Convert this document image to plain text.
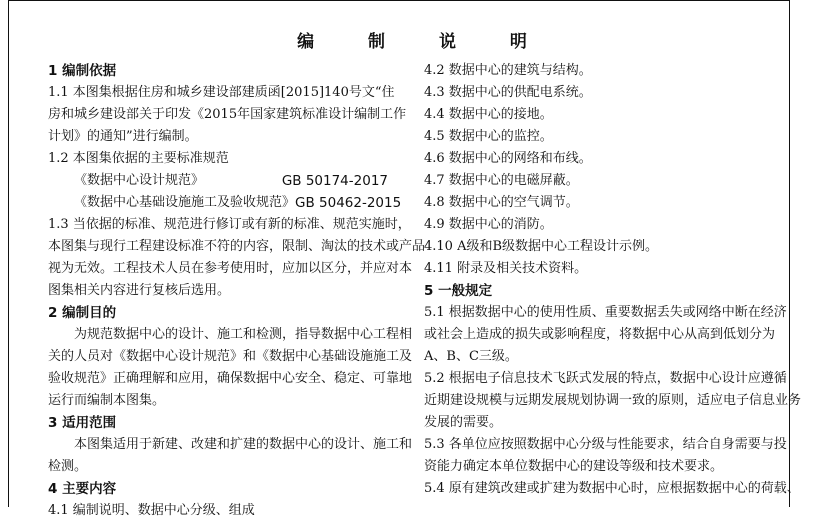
编 制 说 明
1 编制依据
1.1 本图集根据住房和城乡建设部建质函[2015]140号文“住
房和城乡建设部关于印发《2015年国家建筑标准设计编制工作
计划》的通知”进行编制。
1.2 本图集依据的主要标准规范
《数据中心设计规范》	GB 50174-2017
《数据中心基础设施施工及验收规范》 GB 50462-2015
1.3 当依据的标准、规范进行修订或有新的标准、规范实施时，
本图集与现行工程建设标准不符的内容，限制、淘汰的技术或产品
视为无效。工程技术人员在参考使用时，应加以区分，并应对本
图集相关内容进行复核后选用。
2 编制目的
为规范数据中心的设计、施工和检测，指导数据中心工程相
关的人员对《数据中心设计规范》和《数据中心基础设施施工及
验收规范》正确理解和应用，确保数据中心安全、稳定、可靠地
运行而编制本图集。
3 适用范围
本图集适用于新建、改建和扩建的数据中心的设计、施工和
检测。
4 主要内容
4.1 编制说明、数据中心分级、组成
4.2 数据中心的建筑与结构。
4.3 数据中心的供配电系统。
4.4 数据中心的接地。
4.5 数据中心的监控。
4.6 数据中心的网络和布线。
4.7 数据中心的电磁屏蔽。
4.8 数据中心的空气调节。
4.9 数据中心的消防。
4.10 A级和B级数据中心工程设计示例。
4.11 附录及相关技术资料。
5 一般规定
5.1 根据数据中心的使用性质、重要数据丢失或网络中断在经济
或社会上造成的损失或影响程度，将数据中心从高到低划分为
A、B、C三级。
5.2 根据电子信息技术飞跃式发展的特点，数据中心设计应遵循
近期建设规模与远期发展规划协调一致的原则，适应电子信息业务
发展的需要。
5.3 各单位应按照数据中心分级与性能要求，结合自身需要与投
资能力确定本单位数据中心的建设等级和技术要求。
5.4 原有建筑改建或扩建为数据中心时，应根据数据中心的荷载、
